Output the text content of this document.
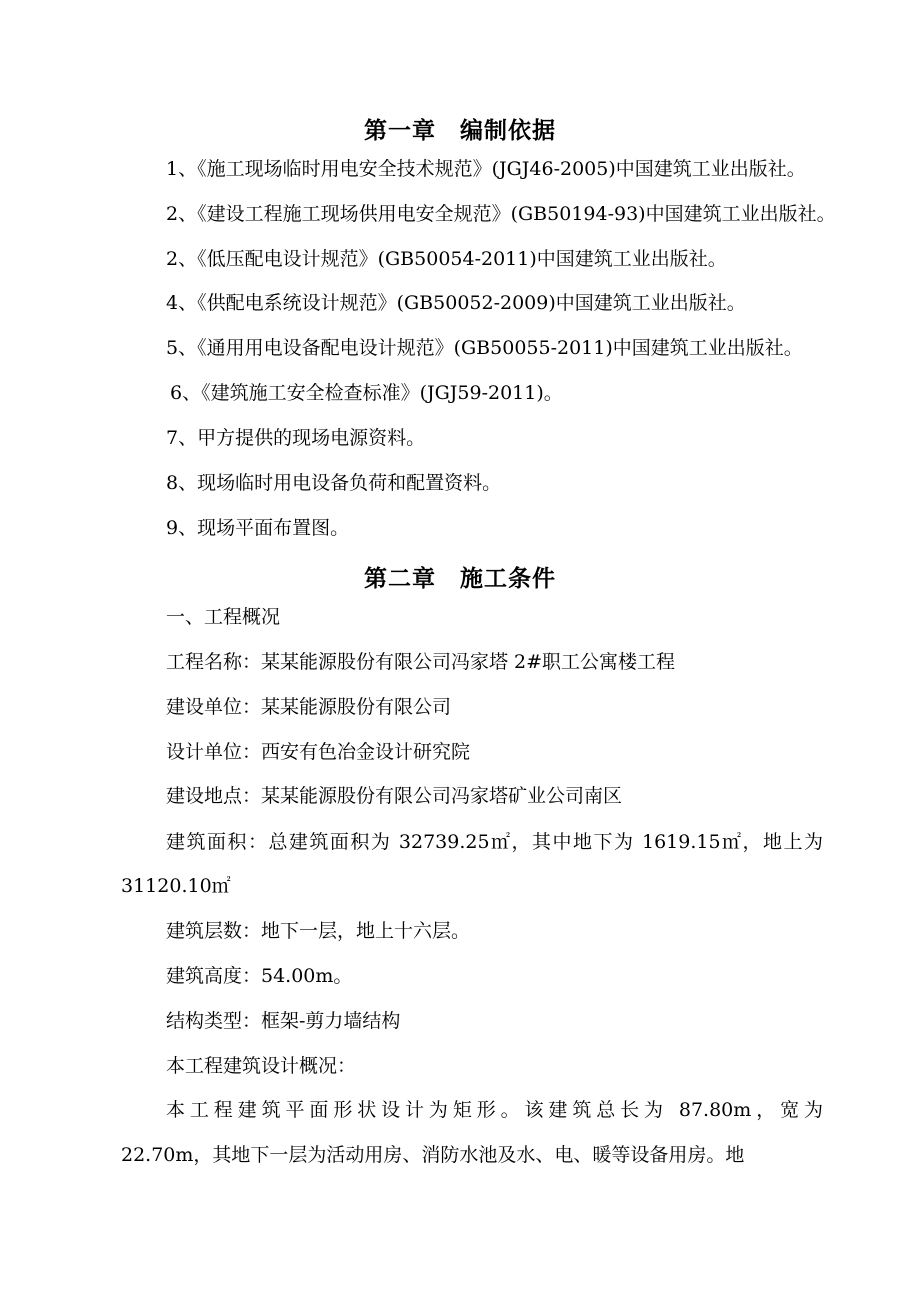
第一章　编制依据
1、《施工现场临时用电安全技术规范》(JGJ46-2005)中国建筑工业出版社。
2、《建设工程施工现场供用电安全规范》(GB50194-93)中国建筑工业出版社。
2、《低压配电设计规范》(GB50054-2011)中国建筑工业出版社。
4、《供配电系统设计规范》(GB50052-2009)中国建筑工业出版社。
5、《通用用电设备配电设计规范》(GB50055-2011)中国建筑工业出版社。
6、《建筑施工安全检查标准》(JGJ59-2011)。
7、甲方提供的现场电源资料。
8、现场临时用电设备负荷和配置资料。
9、现场平面布置图。
第二章　施工条件
一、工程概况
工程名称：某某能源股份有限公司冯家塔 2#职工公寓楼工程
建设单位：某某能源股份有限公司
设计单位：西安有色冶金设计研究院
建设地点：某某能源股份有限公司冯家塔矿业公司南区
建筑面积：总建筑面积为 32739.25㎡，其中地下为 1619.15㎡，地上为
31120.10㎡
建筑层数：地下一层，地上十六层。
建筑高度：54.00m。
结构类型：框架-剪力墙结构
本工程建筑设计概况：
本工程建筑平面形状设计为矩形。该建筑总长为 87.80m，宽为
22.70m，其地下一层为活动用房、消防水池及水、电、暖等设备用房。地
